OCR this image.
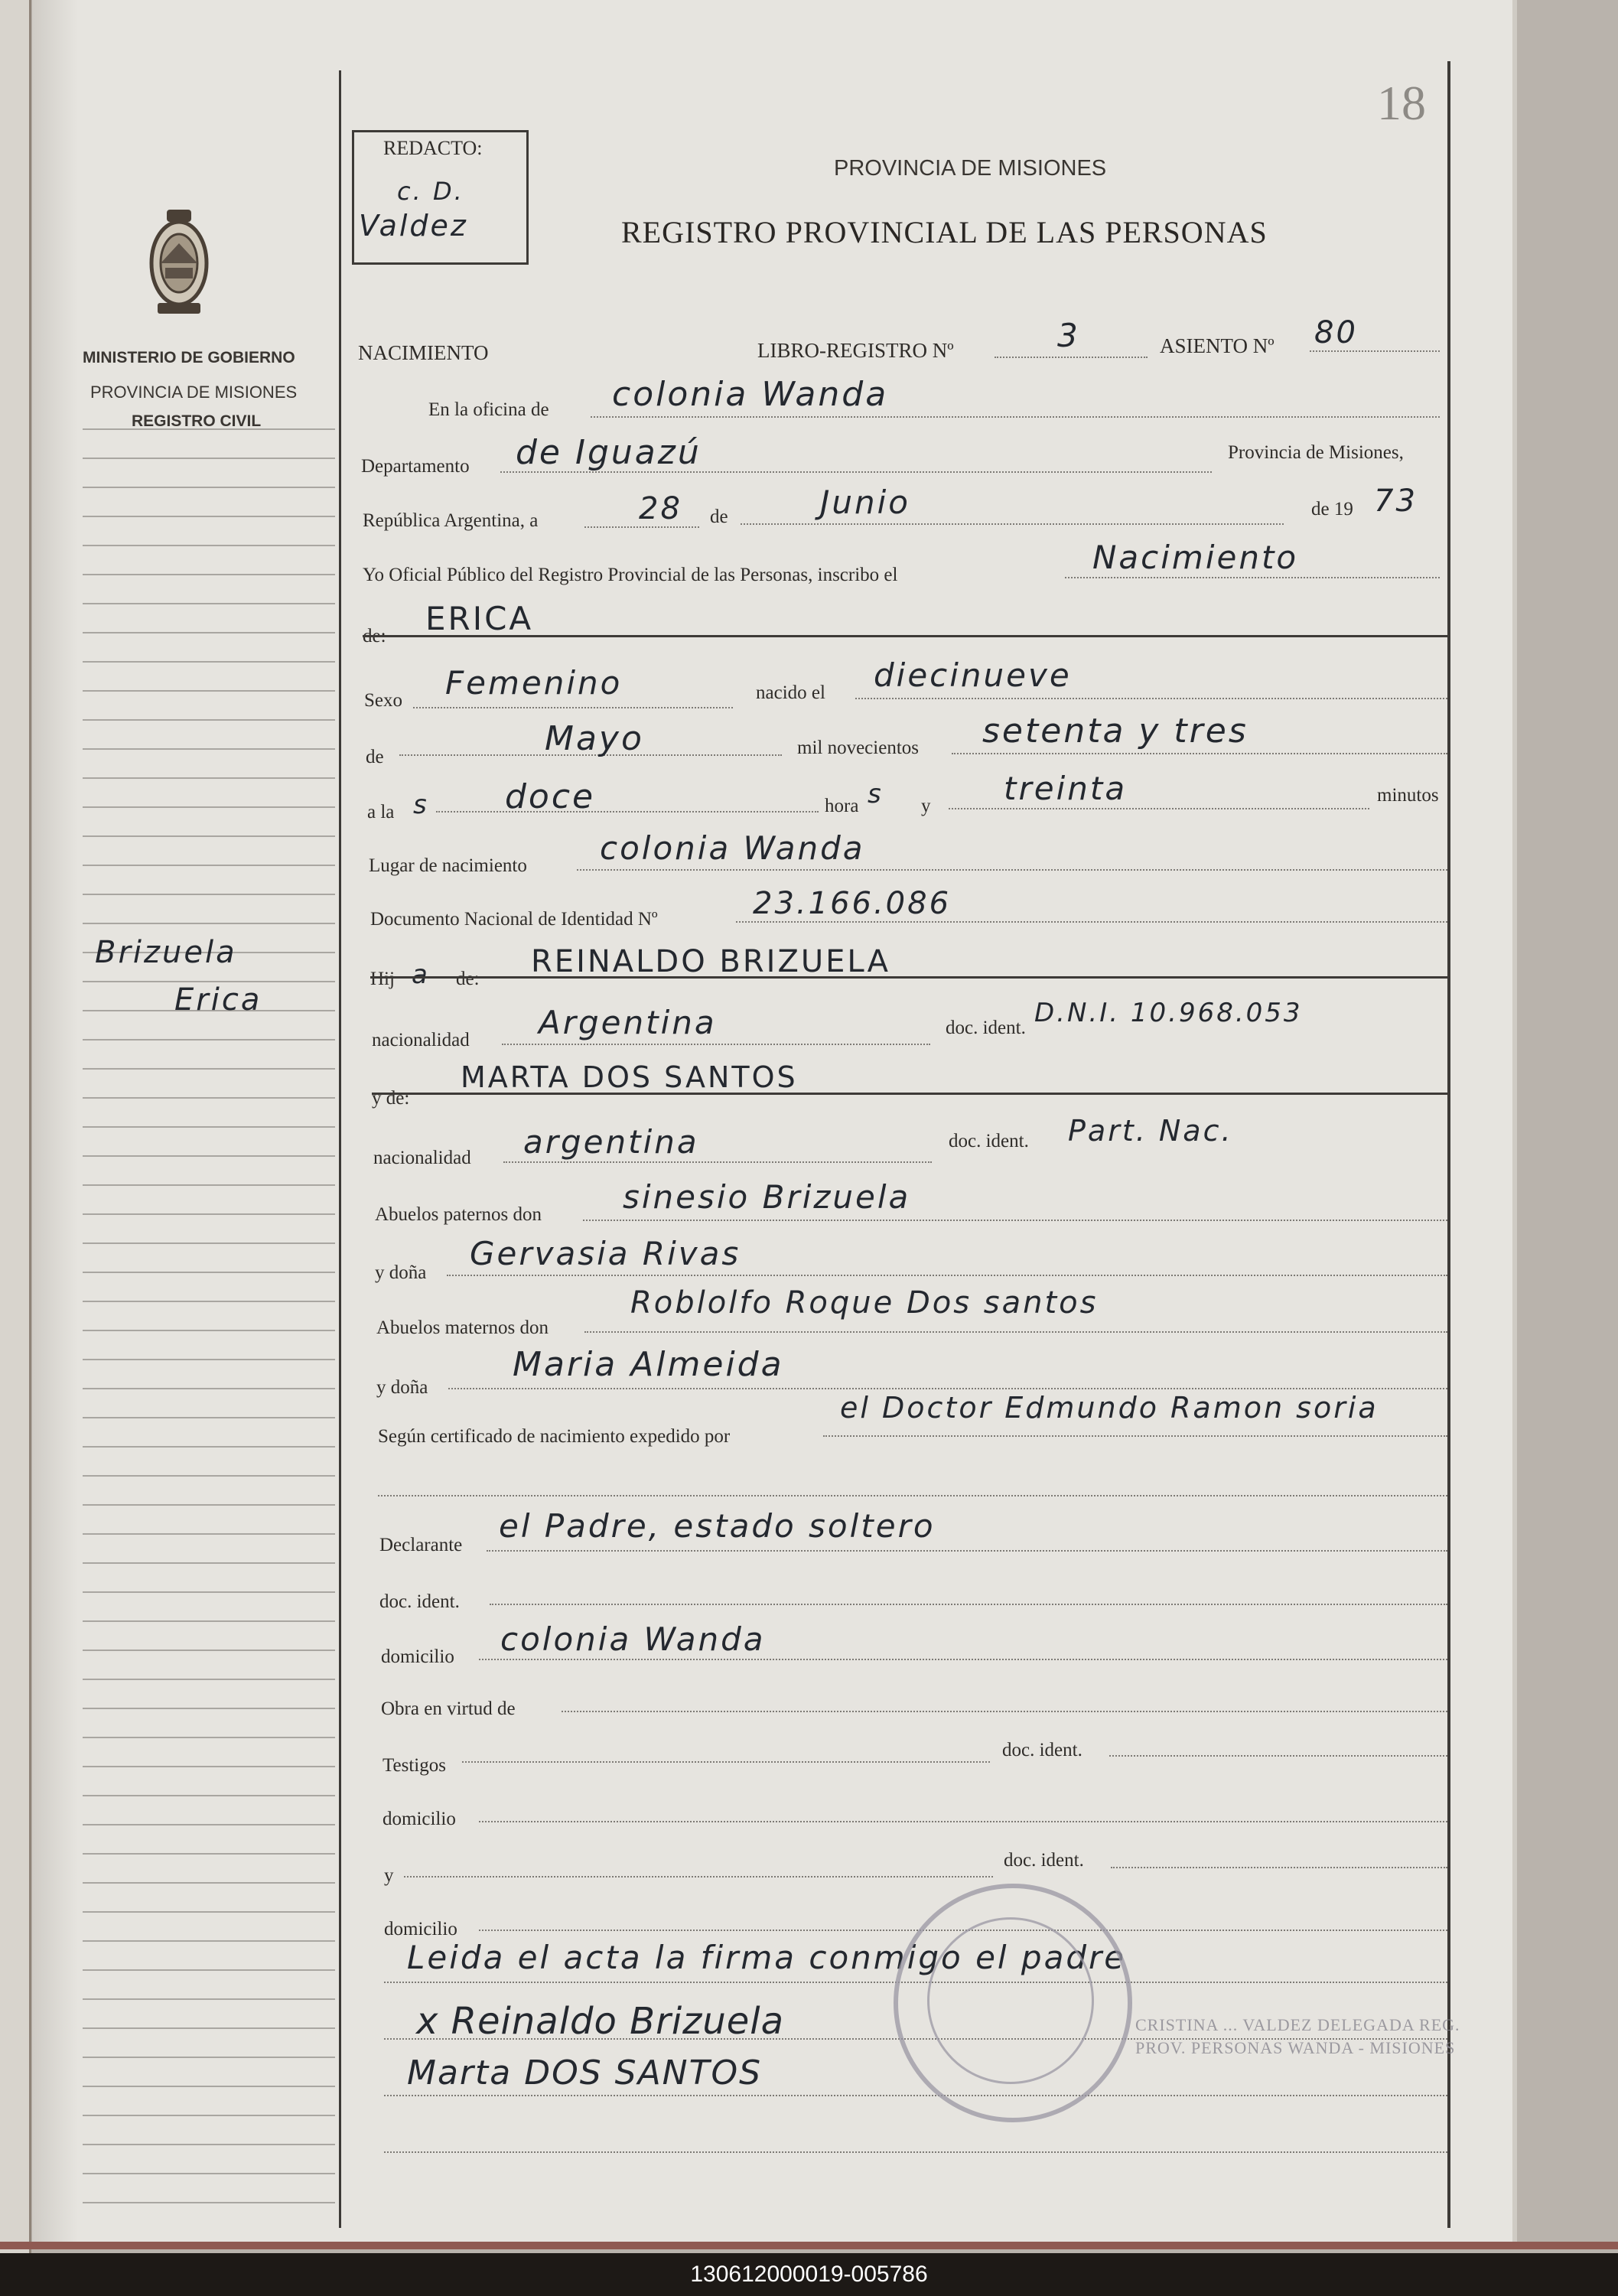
18
REDACTO:
c. D.
Valdez
MINISTERIO DE GOBIERNO
PROVINCIA DE MISIONES
REGISTRO CIVIL
Brizuela
Erica
PROVINCIA DE MISIONES
REGISTRO PROVINCIAL DE LAS PERSONAS
NACIMIENTO	LIBRO-REGISTRO Nº	3	ASIENTO Nº 80
En la oficina de colonia Wanda
Departamento de Iguazú	Provincia de Misiones,
República Argentina, a	28 de	Junio	de 19 73
Yo Oficial Público del Registro Provincial de las Personas, inscribo el	Nacimiento
de: ERICA
Sexo Femenino	nacido el diecinueve
de	Mayo	mil novecientos setenta y tres
a la s doce	hora s y treinta	minutos
Lugar de nacimiento colonia Wanda
Documento Nacional de Identidad Nº	23.166.086
Hij a de: REINALDO BRIZUELA
nacionalidad Argentina	doc. ident. D.N.I. 10.968.053
y de:
MARTA DOS SANTOS
nacionalidad argentina	doc. ident. Part. Nac.
Abuelos paternos don	sinesio Brizuela
y doña
Gervasia Rivas
Abuelos maternos don
Roblolfo Roque Dos santos
y doña
Maria Almeida
Según certificado de nacimiento expedido por
el Doctor Edmundo Ramon soria
Declarante
el Padre, estado soltero
doc. ident.
domicilio colonia Wanda
Obra en virtud de
Testigos
doc. ident.
domicilio
y
doc. ident.
domicilio
Leida el acta la firma conmigo el padre
x Reinaldo Brizuela
Marta DOS SANTOS
CRISTINA ... VALDEZ DELEGADA REG. PROV. PERSONAS WANDA - MISIONES
130612000019-005786
